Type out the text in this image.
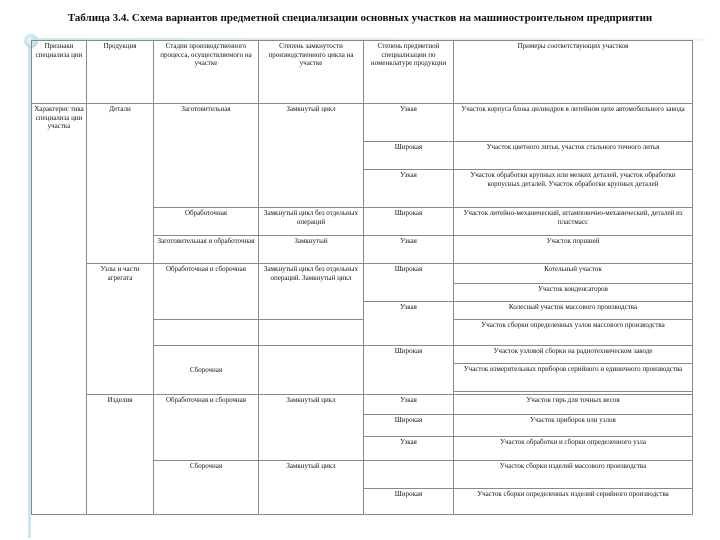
Таблица 3.4. Схема вариантов предметной специализации основных участков на машиностроительном предприятии
Признаки специализа ции	Продукция	Стадии производственного процесса, осуществляемого на участке	Степень замкнутости производственного цикла на участке	Степень предметной специализации по номенклатуре продукции	Примеры соответствующих участков
Характерис тика специализа ции участка	Детали	Заготовительная	Замкнутый цикл	Узкая	Участок корпуса блока цилиндров в литейном цехе автомобильного завода
				Широкая	Участок цветного литья, участок стального точного литья
				Узкая	Участок обработки крупных или мелких деталей, участок обработки корпусных деталей. Участок обработки крупных деталей
		Обработочная	Замкнутый цикл без отдельных операций	Широкая	Участок литейно-механический, штамповочно-механический, деталей из пластмасс
		Заготовительная и обработочная	Замкнутый	Узкая	Участок поршней
	Узлы и части агрегата	Обработочная и сборочная	Замкнутый цикл без отдельных операций. Замкнутый цикл	Широкая	Котельный участок
					Участок конденсаторов
				Узкая	Колесный участок массового производства
					Участок сборки определенных узлов массового производства
		Сборочная		Широкая	Участок узловой сборки на радиотехническом заводе
					Участок измерительных приборов серийного и единичного производства

	Изделия	Обработочная и сборочная	Замкнутый цикл	Узкая	Участок гирь для точных весов
				Широкая	Участок приборов или узлов
				Узкая	Участок обработки и сборки определенного узла
		Сборочная	Замкнутый цикл		Участок сборки изделий массового производства
				Широкая	Участок сборки определенных изделий серийного производства
